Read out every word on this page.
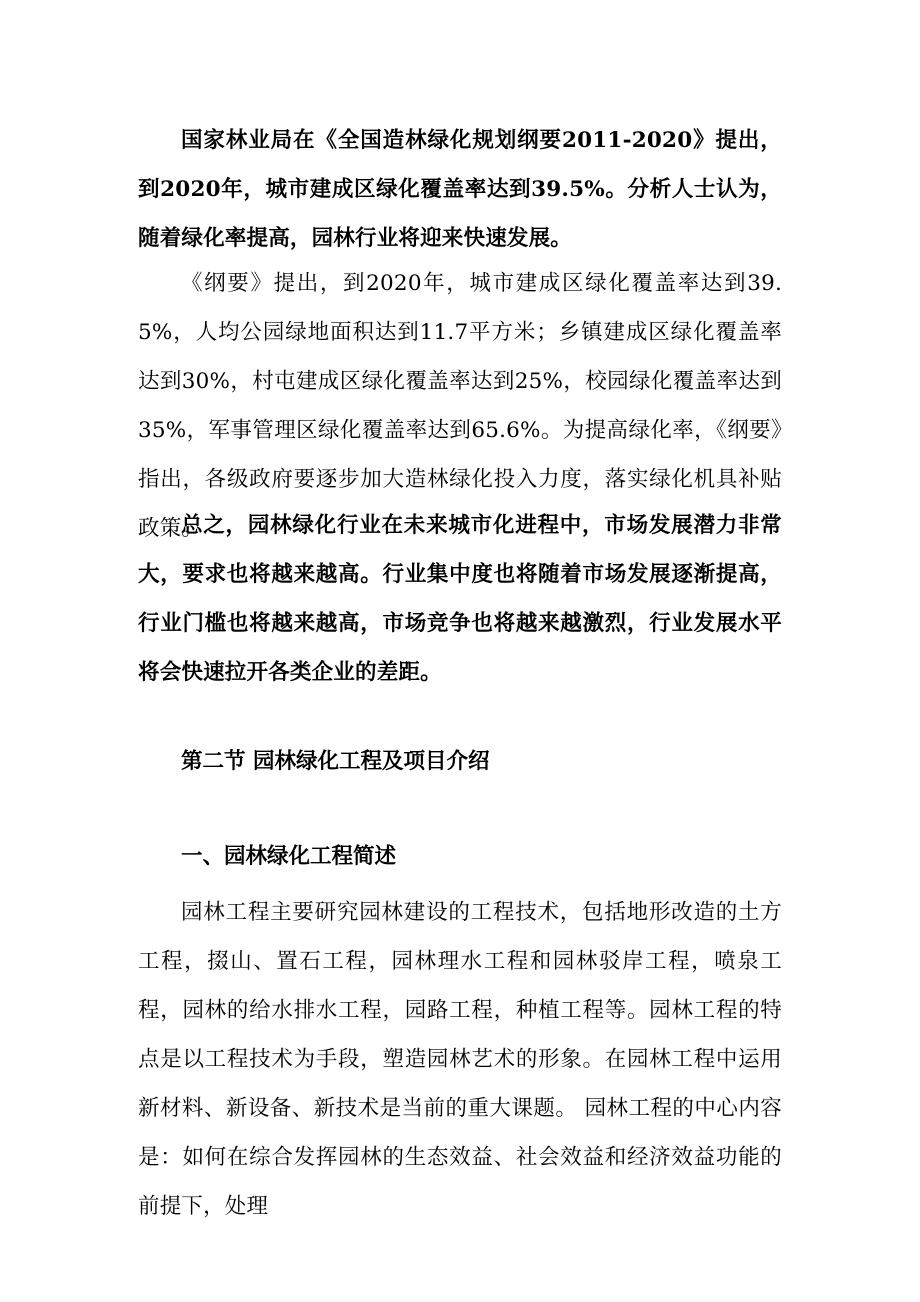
国家林业局在《全国造林绿化规划纲要2011-2020》提出，到2020年，城市建成区绿化覆盖率达到39.5%。分析人士认为，随着绿化率提高，园林行业将迎来快速发展。

《纲要》提出，到2020年，城市建成区绿化覆盖率达到39.5%，人均公园绿地面积达到11.7平方米；乡镇建成区绿化覆盖率达到30%，村屯建成区绿化覆盖率达到25%，校园绿化覆盖率达到35%，军事管理区绿化覆盖率达到65.6%。为提高绿化率，《纲要》指出，各级政府要逐步加大造林绿化投入力度，落实绿化机具补贴政策。

总之，园林绿化行业在未来城市化进程中，市场发展潜力非常大，要求也将越来越高。行业集中度也将随着市场发展逐渐提高，行业门槛也将越来越高，市场竞争也将越来越激烈，行业发展水平将会快速拉开各类企业的差距。

第二节 园林绿化工程及项目介绍
一、园林绿化工程简述

园林工程主要研究园林建设的工程技术，包括地形改造的土方工程，掇山、置石工程，园林理水工程和园林驳岸工程，喷泉工程，园林的给水排水工程，园路工程，种植工程等。园林工程的特点是以工程技术为手段，塑造园林艺术的形象。在园林工程中运用新材料、新设备、新技术是当前的重大课题。 园林工程的中心内容是：如何在综合发挥园林的生态效益、社会效益和经济效益功能的前提下，处理
